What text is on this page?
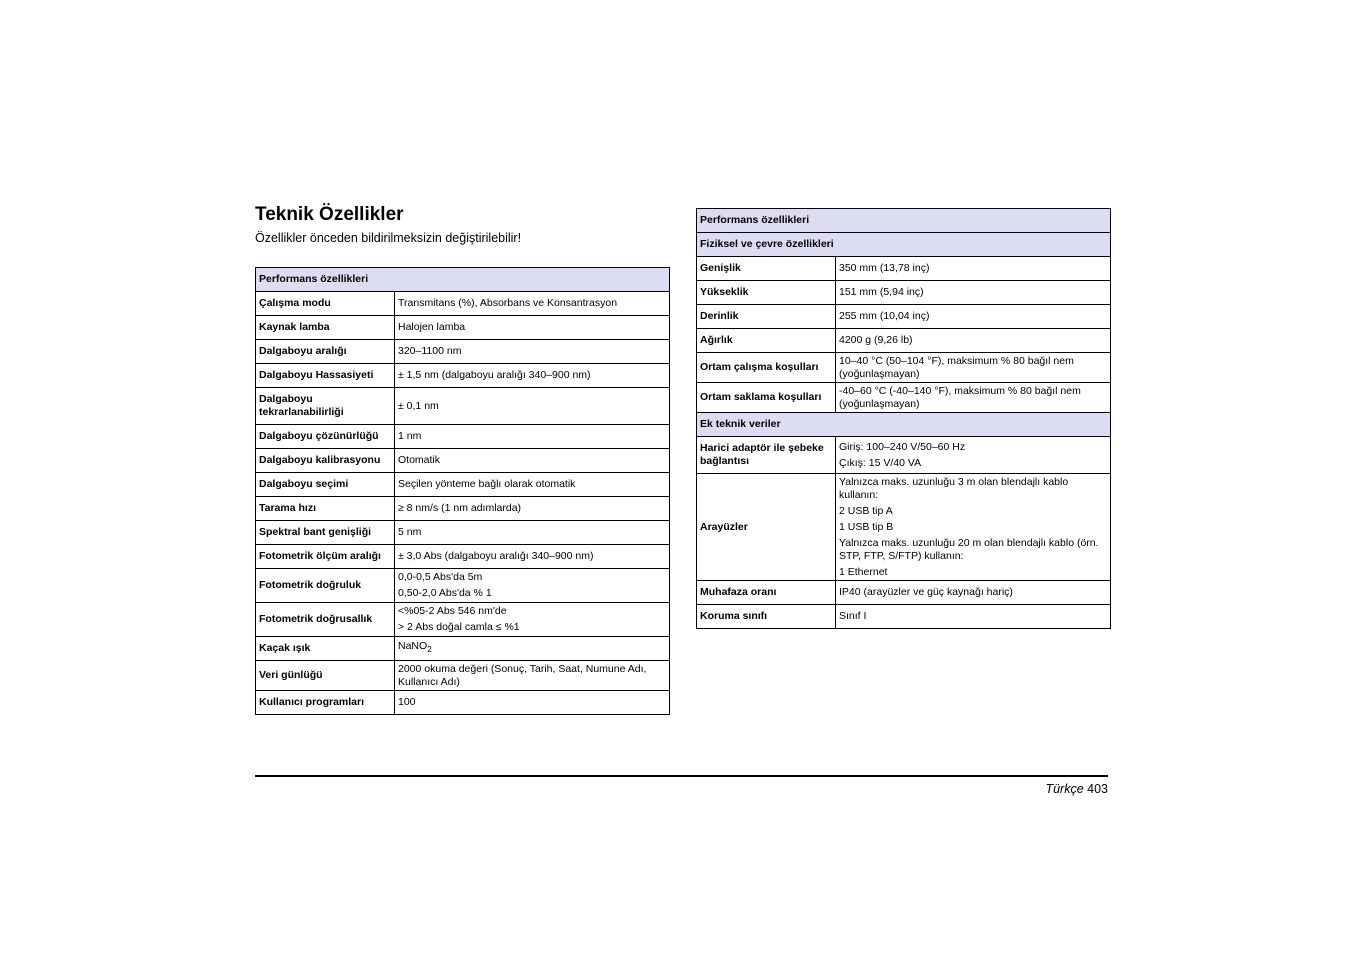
Teknik Özellikler

Özellikler önceden bildirilmeksizin değiştirilebilir!

Performans özellikleri	
Çalışma modu	Transmitans (%), Absorbans ve Konsantrasyon

Kaynak lamba	Halojen lamba

Dalgaboyu aralığı	320–1100 nm

Dalgaboyu Hassasiyeti	± 1,5 nm (dalgaboyu aralığı 340–900 nm)

Dalgaboyu tekrarlanabilirliği	± 0,1 nm

Dalgaboyu çözünürlüğü	1 nm

Dalgaboyu kalibrasyonu	Otomatik

Dalgaboyu seçimi	Seçilen yönteme bağlı olarak otomatik

Tarama hızı	≥ 8 nm/s (1 nm adımlarda)

Spektral bant genişliği	5 nm

Fotometrik ölçüm aralığı	± 3,0 Abs (dalgaboyu aralığı 340–900 nm)

Fotometrik doğruluk	0,0-0,5 Abs'da 5m
0,50-2,0 Abs'da % 1

Fotometrik doğrusallık	<%05-2 Abs 546 nm'de
> 2 Abs doğal camla ≤ %1

Kaçak ışık	NaNO$_2$

Veri günlüğü	2000 okuma değeri (Sonuç, Tarih, Saat, Numune Adı, Kullanıcı Adı)

Kullanıcı programları	100
Performans özellikleri	
Fiziksel ve çevre özellikleri	
Genişlik	350 mm (13,78 inç)

Yükseklik	151 mm (5,94 inç)

Derinlik	255 mm (10,04 inç)

Ağırlık	4200 g (9,26 lb)

Ortam çalışma koşulları	10–40 °C (50–104 °F), maksimum % 80 bağıl nem (yoğunlaşmayan)

Ortam saklama koşulları	-40–60 °C (-40–140 °F), maksimum % 80 bağıl nem (yoğunlaşmayan)

Ek teknik veriler	
Harici adaptör ile şebeke bağlantısı	Giriş: 100–240 V/50–60 Hz
Çıkış: 15 V/40 VA

Arayüzler	Yalnızca maks. uzunluğu 3 m olan blendajlı kablo kullanın:
2 USB tip A
1 USB tip B
Yalnızca maks. uzunluğu 20 m olan blendajlı kablo (örn. STP, FTP, S/FTP) kullanın:
1 Ethernet

Muhafaza oranı	IP40 (arayüzler ve güç kaynağı hariç)

Koruma sınıfı	Sınıf I
Türkçe 403
